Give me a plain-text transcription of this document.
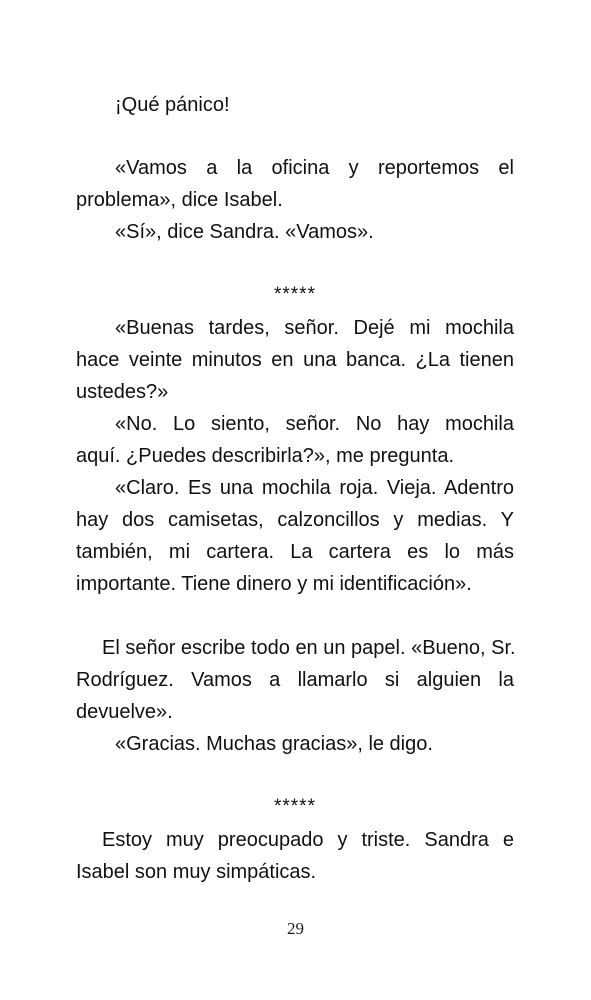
¡Qué pánico!
«Vamos a la oficina y reportemos el
problema», dice Isabel.
«Sí», dice Sandra. «Vamos».
*****
«Buenas tardes, señor. Dejé mi mochila
hace veinte minutos en una banca. ¿La tienen
ustedes?»
«No. Lo siento, señor. No hay mochila
aquí. ¿Puedes describirla?», me pregunta.
«Claro. Es una mochila roja. Vieja. Adentro
hay dos camisetas, calzoncillos y medias. Y
también, mi cartera. La cartera es lo más
importante. Tiene dinero y mi identificación».
El señor escribe todo en un papel. «Bueno, Sr.
Rodríguez. Vamos a llamarlo si alguien la
devuelve».
«Gracias. Muchas gracias», le digo.
*****
Estoy muy preocupado y triste. Sandra e
Isabel son muy simpáticas.
29
